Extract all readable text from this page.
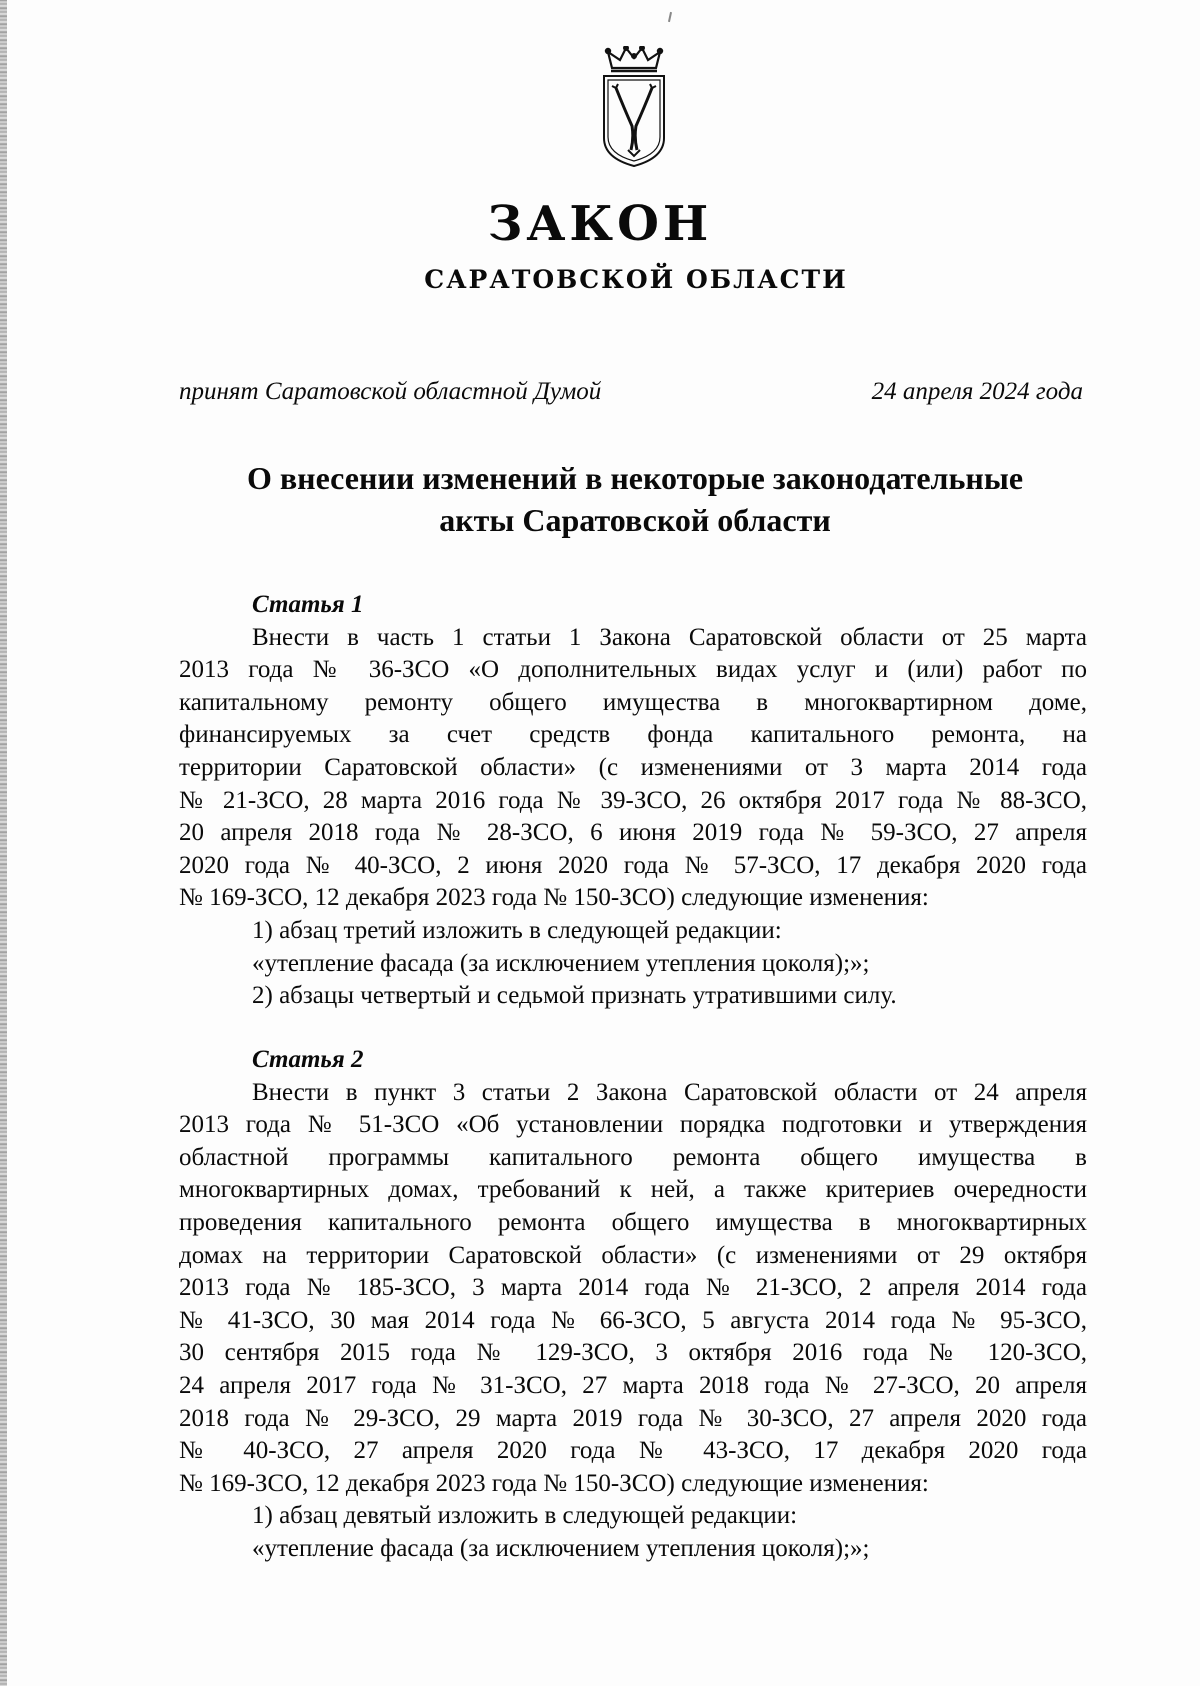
ЗАКОН
САРАТОВСКОЙ ОБЛАСТИ
принят Саратовской областной Думой	24 апреля 2024 года
О внесении изменений в некоторые законодательные
акты Саратовской области
Статья 1
Внести в часть 1 статьи 1 Закона Саратовской области от 25 марта
2013 года № 36-ЗСО «О дополнительных видах услуг и (или) работ по
капитальному ремонту общего имущества в многоквартирном доме,
финансируемых за счет средств фонда капитального ремонта, на
территории Саратовской области» (с изменениями от 3 марта 2014 года
№ 21-ЗСО, 28 марта 2016 года № 39-ЗСО, 26 октября 2017 года № 88-ЗСО,
20 апреля 2018 года № 28-ЗСО, 6 июня 2019 года № 59-ЗСО, 27 апреля
2020 года № 40-ЗСО, 2 июня 2020 года № 57-ЗСО, 17 декабря 2020 года
№ 169-ЗСО, 12 декабря 2023 года № 150-ЗСО) следующие изменения:
1) абзац третий изложить в следующей редакции:
«утепление фасада (за исключением утепления цоколя);»;
2) абзацы четвертый и седьмой признать утратившими силу.
Статья 2
Внести в пункт 3 статьи 2 Закона Саратовской области от 24 апреля
2013 года № 51-ЗСО «Об установлении порядка подготовки и утверждения
областной программы капитального ремонта общего имущества в
многоквартирных домах, требований к ней, а также критериев очередности
проведения капитального ремонта общего имущества в многоквартирных
домах на территории Саратовской области» (с изменениями от 29 октября
2013 года № 185-ЗСО, 3 марта 2014 года № 21-ЗСО, 2 апреля 2014 года
№ 41-ЗСО, 30 мая 2014 года № 66-ЗСО, 5 августа 2014 года № 95-ЗСО,
30 сентября 2015 года № 129-ЗСО, 3 октября 2016 года № 120-ЗСО,
24 апреля 2017 года № 31-ЗСО, 27 марта 2018 года № 27-ЗСО, 20 апреля
2018 года № 29-ЗСО, 29 марта 2019 года № 30-ЗСО, 27 апреля 2020 года
№ 40-ЗСО, 27 апреля 2020 года № 43-ЗСО, 17 декабря 2020 года
№ 169-ЗСО, 12 декабря 2023 года № 150-ЗСО) следующие изменения:
1) абзац девятый изложить в следующей редакции:
«утепление фасада (за исключением утепления цоколя);»;
